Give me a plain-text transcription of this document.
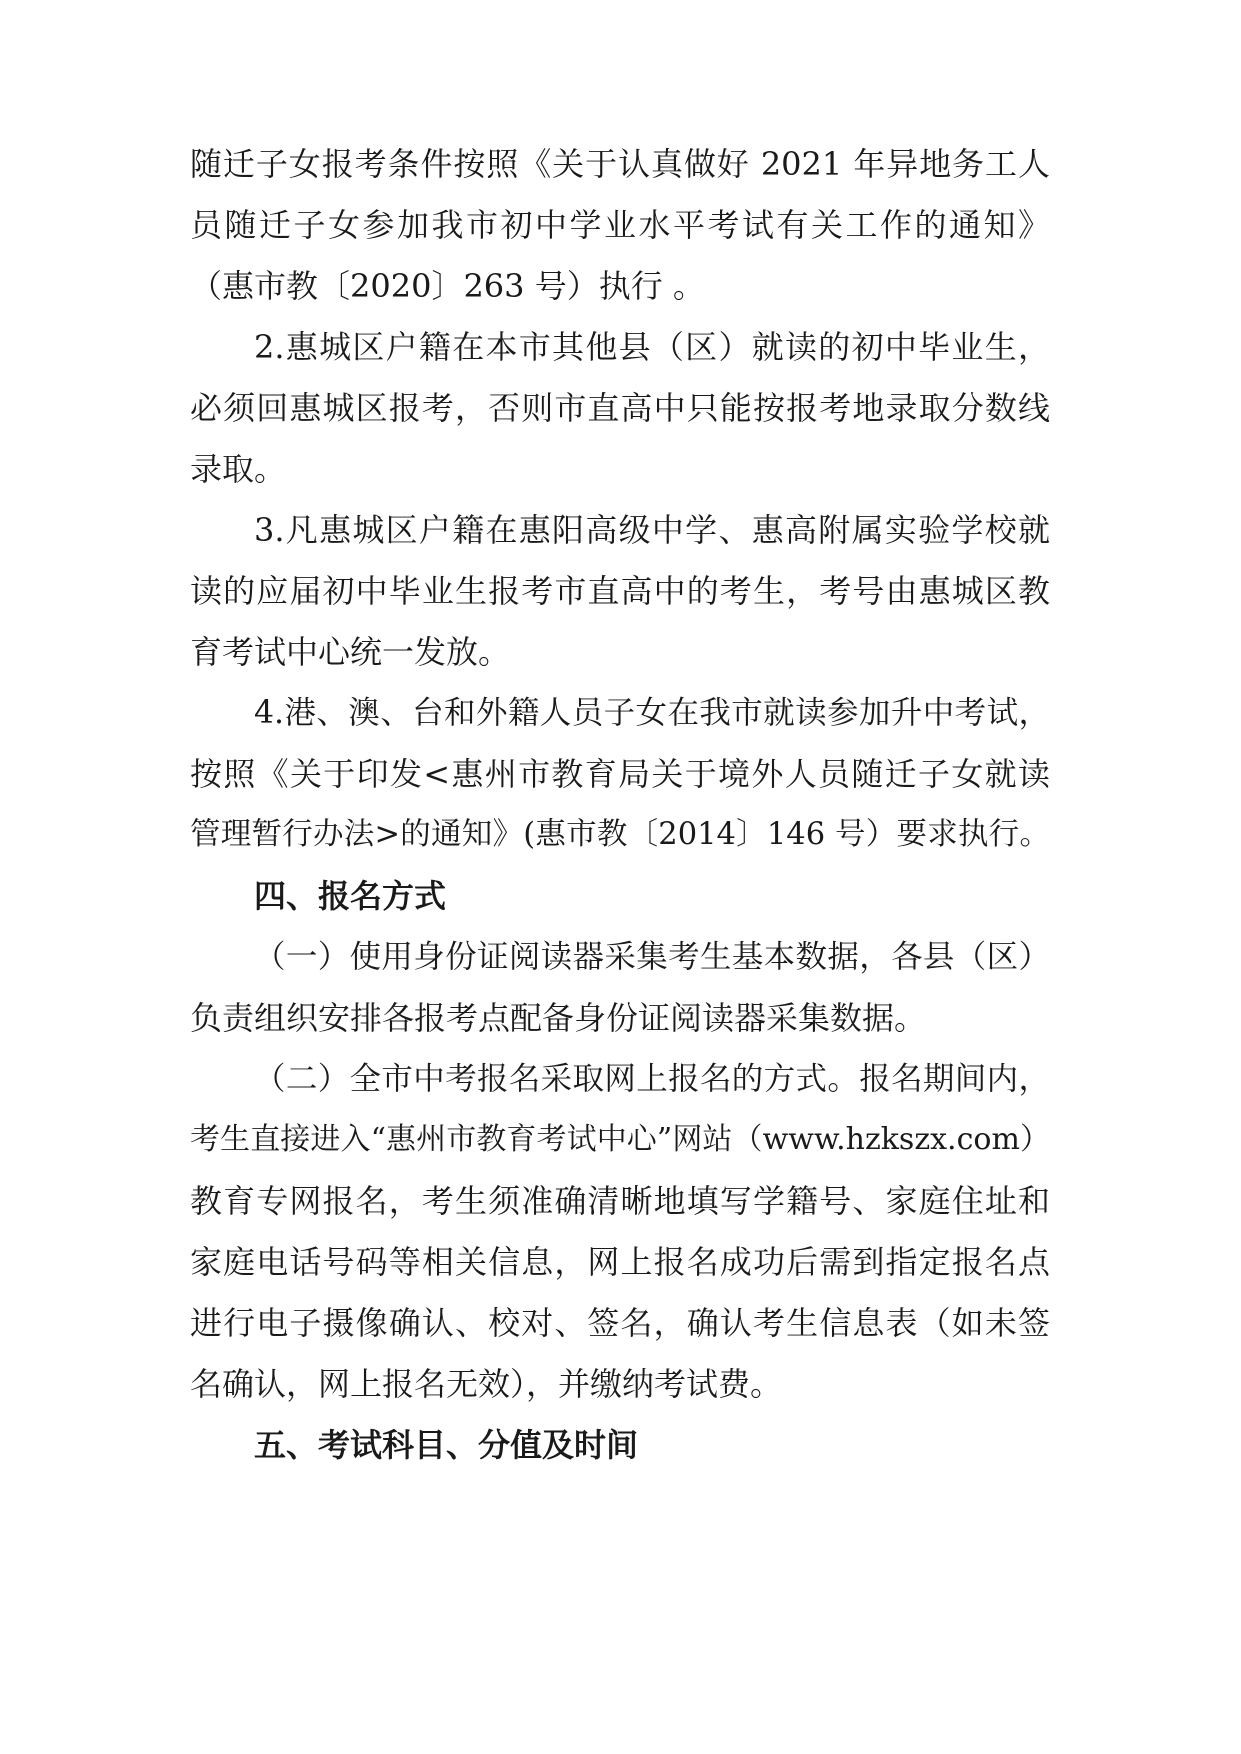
随迁子女报考条件按照《关于认真做好 2021 年异地务工人
员随迁子女参加我市初中学业水平考试有关工作的通知》
（惠市教〔2020〕263 号）执行 。
2.惠城区户籍在本市其他县（区）就读的初中毕业生，
必须回惠城区报考，否则市直高中只能按报考地录取分数线
录取。
3.凡惠城区户籍在惠阳高级中学、惠高附属实验学校就
读的应届初中毕业生报考市直高中的考生，考号由惠城区教
育考试中心统一发放。
4.港、澳、台和外籍人员子女在我市就读参加升中考试，
按照《关于印发<惠州市教育局关于境外人员随迁子女就读
管理暂行办法>的通知》(惠市教〔2014〕146 号）要求执行。
四、报名方式
（一）使用身份证阅读器采集考生基本数据，各县（区）
负责组织安排各报考点配备身份证阅读器采集数据。
（二）全市中考报名采取网上报名的方式。报名期间内，
考生直接进入“惠州市教育考试中心”网站（www.hzkszx.com）
教育专网报名，考生须准确清晰地填写学籍号、家庭住址和
家庭电话号码等相关信息，网上报名成功后需到指定报名点
进行电子摄像确认、校对、签名，确认考生信息表（如未签
名确认，网上报名无效），并缴纳考试费。
五、考试科目、分值及时间
